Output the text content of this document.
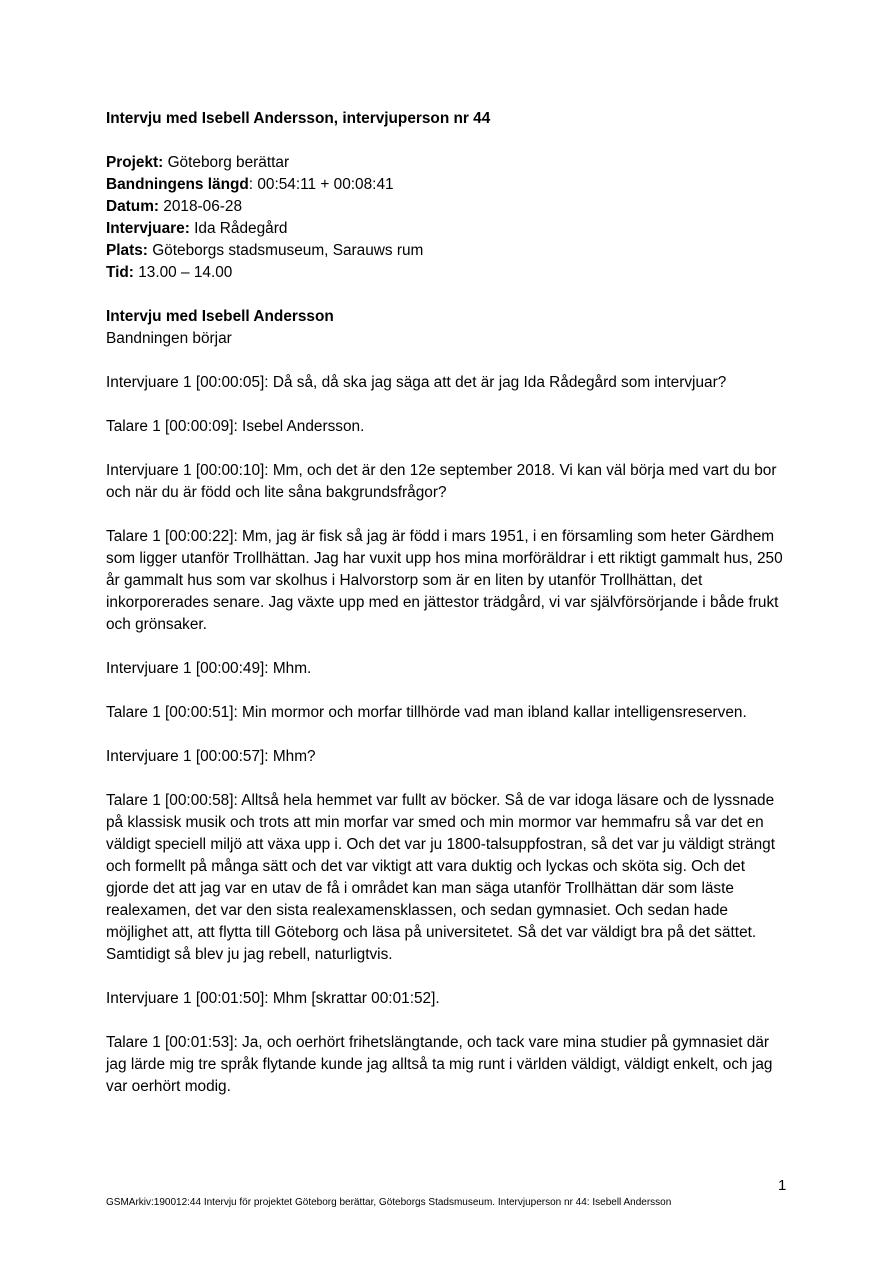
Intervju med Isebell Andersson, intervjuperson nr 44

Projekt: Göteborg berättar

Bandningens längd: 00:54:11 + 00:08:41

Datum: 2018-06-28

Intervjuare: Ida Rådegård

Plats: Göteborgs stadsmuseum, Sarauws rum

Tid: 13.00 – 14.00

Intervju med Isebell Andersson

Bandningen börjar

Intervjuare 1 [00:00:05]: Då så, då ska jag säga att det är jag Ida Rådegård som intervjuar?

Talare 1 [00:00:09]: Isebel Andersson.

Intervjuare 1 [00:00:10]: Mm, och det är den 12e september 2018. Vi kan väl börja med vart du bor och när du är född och lite såna bakgrundsfrågor?

Talare 1 [00:00:22]: Mm, jag är fisk så jag är född i mars 1951, i en församling som heter Gärdhem som ligger utanför Trollhättan. Jag har vuxit upp hos mina morföräldrar i ett riktigt gammalt hus, 250 år gammalt hus som var skolhus i Halvorstorp som är en liten by utanför Trollhättan, det inkorporerades senare. Jag växte upp med en jättestor trädgård, vi var självförsörjande i både frukt och grönsaker.

Intervjuare 1 [00:00:49]: Mhm.

Talare 1 [00:00:51]: Min mormor och morfar tillhörde vad man ibland kallar intelligensreserven.

Intervjuare 1 [00:00:57]: Mhm?

Talare 1 [00:00:58]: Alltså hela hemmet var fullt av böcker. Så de var idoga läsare och de lyssnade på klassisk musik och trots att min morfar var smed och min mormor var hemmafru så var det en väldigt speciell miljö att växa upp i. Och det var ju 1800-talsuppfostran, så det var ju väldigt strängt och formellt på många sätt och det var viktigt att vara duktig och lyckas och sköta sig. Och det gjorde det att jag var en utav de få i området kan man säga utanför Trollhättan där som läste realexamen, det var den sista realexamensklassen, och sedan gymnasiet. Och sedan hade möjlighet att, att flytta till Göteborg och läsa på universitetet. Så det var väldigt bra på det sättet. Samtidigt så blev ju jag rebell, naturligtvis.

Intervjuare 1 [00:01:50]: Mhm [skrattar 00:01:52].

Talare 1 [00:01:53]: Ja, och oerhört frihetslängtande, och tack vare mina studier på gymnasiet där jag lärde mig tre språk flytande kunde jag alltså ta mig runt i världen väldigt, väldigt enkelt, och jag var oerhört modig.

1
GSMArkiv:190012:44 Intervju för projektet Göteborg berättar, Göteborgs Stadsmuseum. Intervjuperson nr 44: Isebell Andersson
